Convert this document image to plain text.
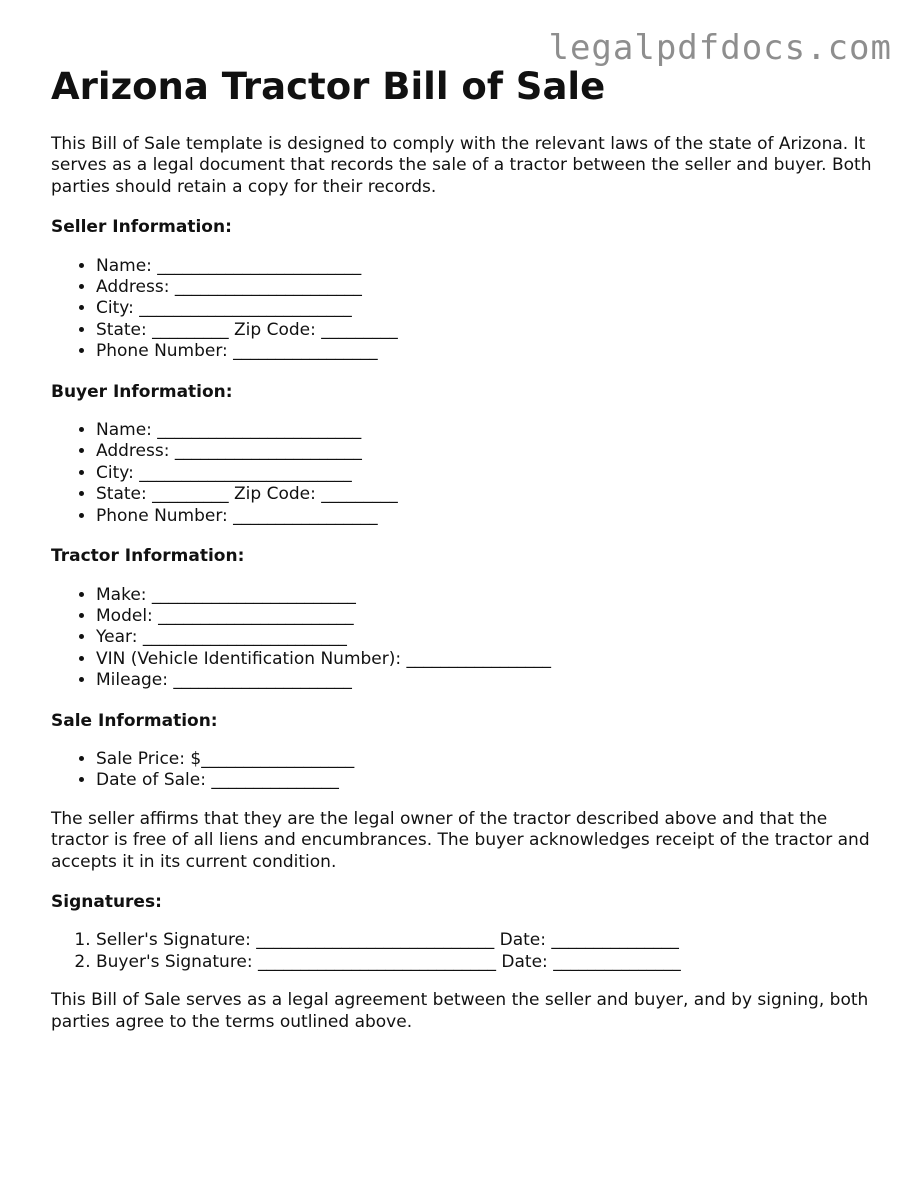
legalpdfdocs.com
Arizona Tractor Bill of Sale

This Bill of Sale template is designed to comply with the relevant laws of the state of Arizona. It serves as a legal document that records the sale of a tractor between the seller and buyer. Both parties should retain a copy for their records.

Seller Information:
• Name: ________________________
• Address: ______________________
• City: _________________________
• State: _________ Zip Code: _________
• Phone Number: _________________
Buyer Information:
• Name: ________________________
• Address: ______________________
• City: _________________________
• State: _________ Zip Code: _________
• Phone Number: _________________
Tractor Information:
• Make: ________________________
• Model: _______________________
• Year: ________________________
• VIN (Vehicle Identification Number): _________________
• Mileage: _____________________
Sale Information:
• Sale Price: $__________________
• Date of Sale: _______________

The seller affirms that they are the legal owner of the tractor described above and that the tractor is free of all liens and encumbrances. The buyer acknowledges receipt of the tractor and accepts it in its current condition.

Signatures:
1. Seller's Signature: ____________________________ Date: _______________
2. Buyer's Signature: ____________________________ Date: _______________

This Bill of Sale serves as a legal agreement between the seller and buyer, and by signing, both parties agree to the terms outlined above.
